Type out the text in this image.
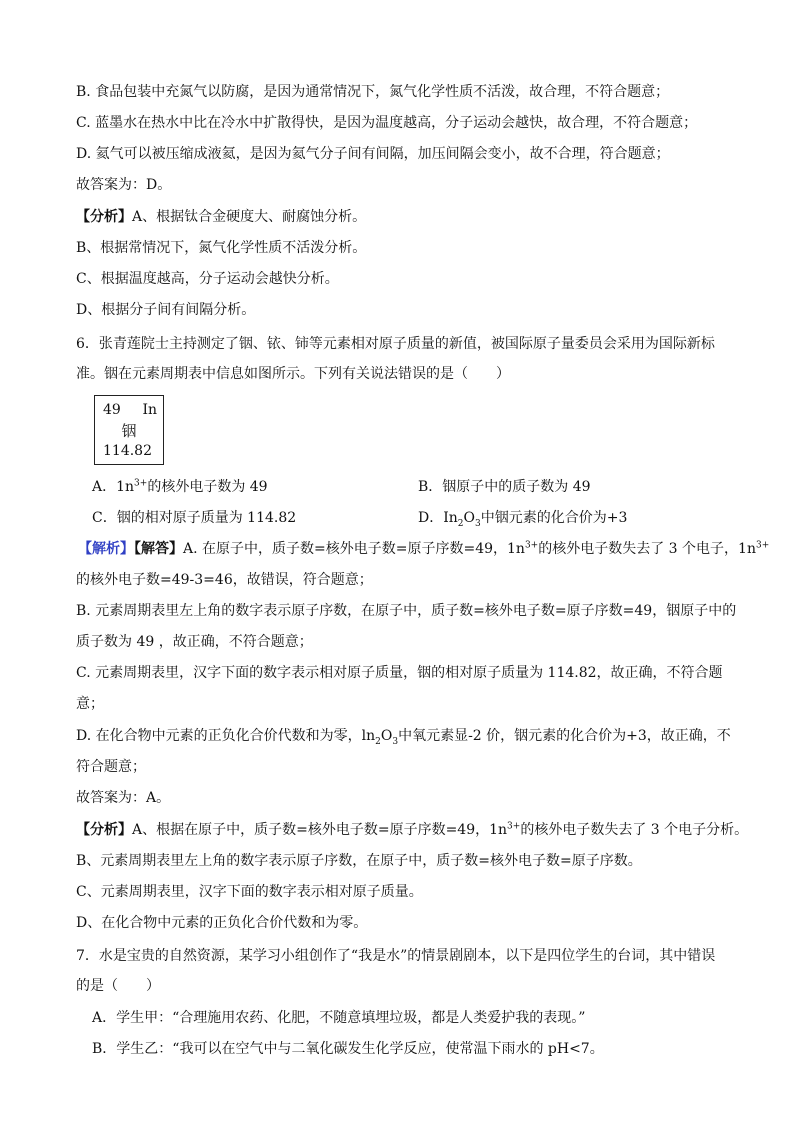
B. 食品包装中充氮气以防腐，是因为通常情况下，氮气化学性质不活泼，故合理，不符合题意；
C. 蓝墨水在热水中比在冷水中扩散得快，是因为温度越高，分子运动会越快，故合理，不符合题意；
D. 氦气可以被压缩成液氦，是因为氦气分子间有间隔，加压间隔会变小，故不合理，符合题意；
故答案为：D。
【分析】A、根据钛合金硬度大、耐腐蚀分析。
B、根据常情况下，氮气化学性质不活泼分析。
C、根据温度越高，分子运动会越快分析。
D、根据分子间有间隔分析。
6．张青莲院士主持测定了铟、铱、铈等元素相对原子质量的新值，被国际原子量委员会采用为国际新标
准。铟在元素周期表中信息如图所示。下列有关说法错误的是（　　）
49 In
铟
114.82
A．$1n^{3+}$的核外电子数为 49	B．铟原子中的质子数为 49
C．铟的相对原子质量为 114.82	D．$In_2O_3$中铟元素的化合价为+3
【解析】【解答】A. 在原子中，质子数=核外电子数=原子序数=49，$1n^{3+}$的核外电子数失去了 3 个电子，$1n^{3+}$
的核外电子数=49-3=46，故错误，符合题意；
B. 元素周期表里左上角的数字表示原子序数，在原子中，质子数=核外电子数=原子序数=49，铟原子中的
质子数为 49 ，故正确，不符合题意；
C. 元素周期表里，汉字下面的数字表示相对原子质量，铟的相对原子质量为 114.82，故正确，不符合题
意；
D. 在化合物中元素的正负化合价代数和为零，$\ln_2O_3$中氧元素显-2 价，铟元素的化合价为+3，故正确，不
符合题意；
故答案为：A。
【分析】A、根据在原子中，质子数=核外电子数=原子序数=49，$1n^{3+}$的核外电子数失去了 3 个电子分析。
B、元素周期表里左上角的数字表示原子序数，在原子中，质子数=核外电子数=原子序数。
C、元素周期表里，汉字下面的数字表示相对原子质量。
D、在化合物中元素的正负化合价代数和为零。
7．水是宝贵的自然资源，某学习小组创作了“我是水”的情景剧剧本，以下是四位学生的台词，其中错误
的是（　　）
A．学生甲：“合理施用农药、化肥，不随意填埋垃圾，都是人类爱护我的表现。”
B．学生乙：“我可以在空气中与二氧化碳发生化学反应，使常温下雨水的 pH<7。
